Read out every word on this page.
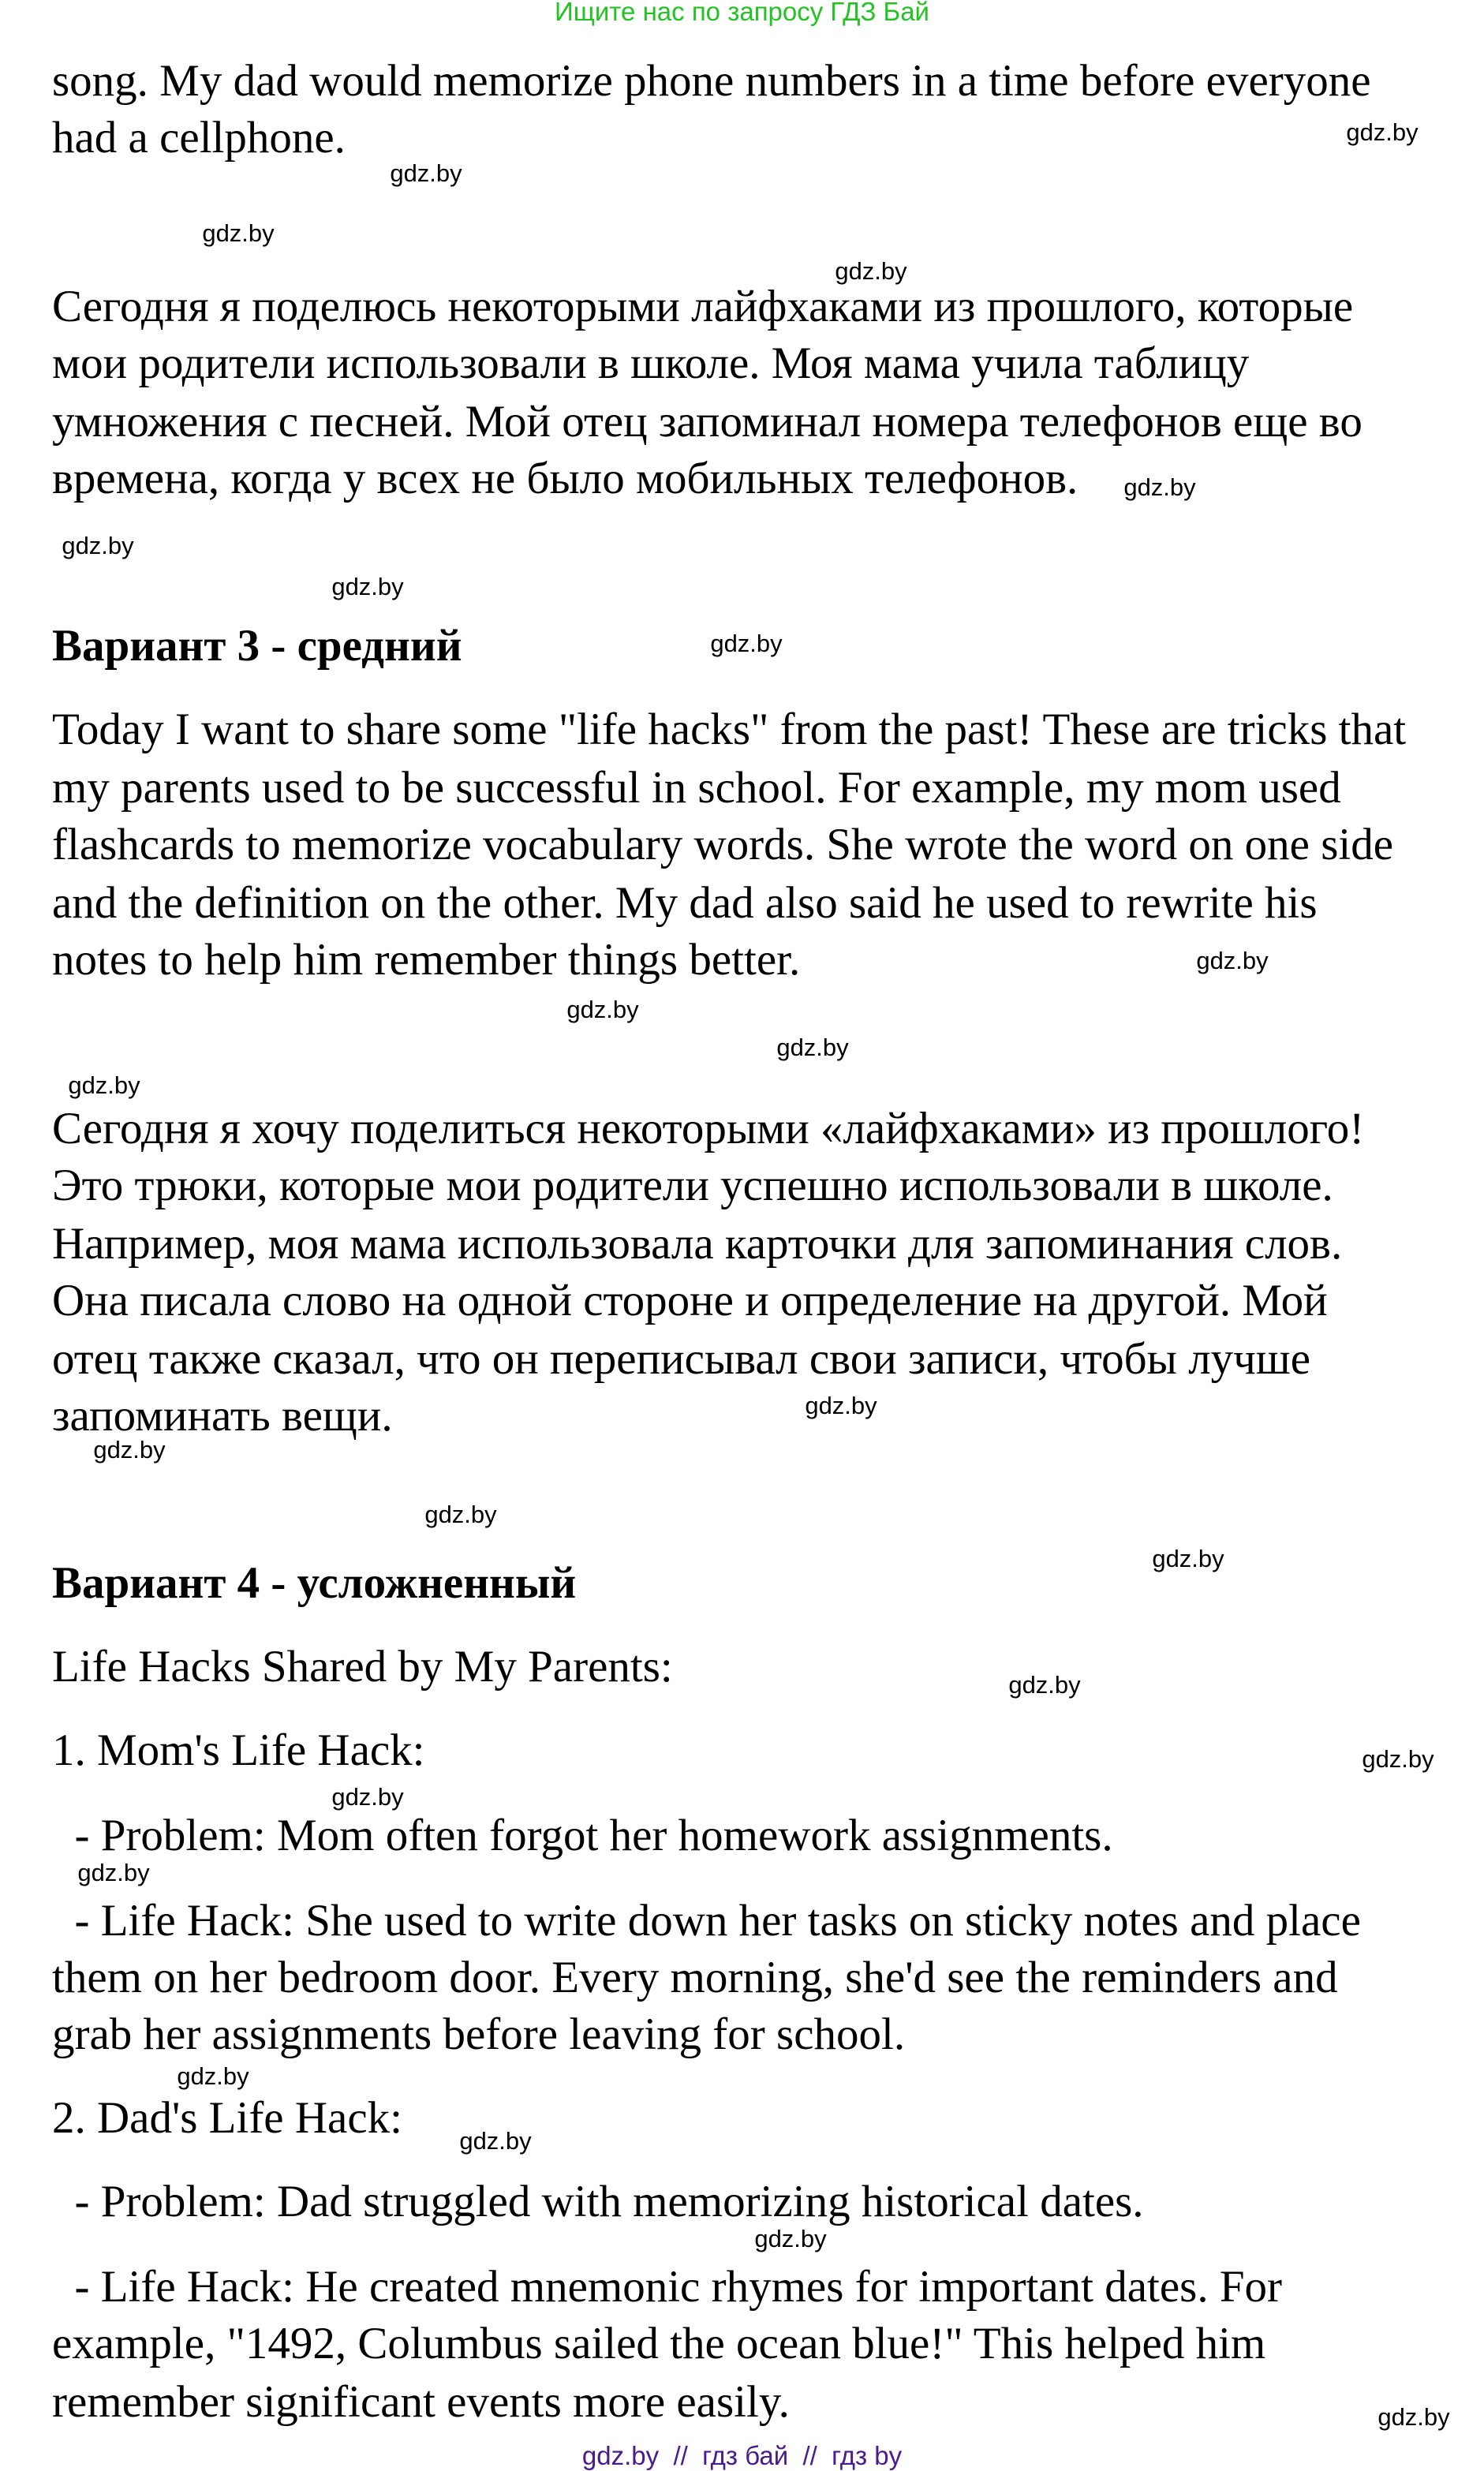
Ищите нас по запросу ГДЗ Бай
song. My dad would memorize phone numbers in a time before everyone
had a cellphone.
Сегодня я поделюсь некоторыми лайфхаками из прошлого, которые
мои родители использовали в школе. Моя мама учила таблицу
умножения с песней. Мой отец запоминал номера телефонов еще во
времена, когда у всех не было мобильных телефонов.
Вариант 3 - средний
Today I want to share some "life hacks" from the past! These are tricks that
my parents used to be successful in school. For example, my mom used
flashcards to memorize vocabulary words. She wrote the word on one side
and the definition on the other. My dad also said he used to rewrite his
notes to help him remember things better.
Сегодня я хочу поделиться некоторыми «лайфхаками» из прошлого!
Это трюки, которые мои родители успешно использовали в школе.
Например, моя мама использовала карточки для запоминания слов.
Она писала слово на одной стороне и определение на другой. Мой
отец также сказал, что он переписывал свои записи, чтобы лучше
запоминать вещи.
Вариант 4 - усложненный
Life Hacks Shared by My Parents:
1. Mom's Life Hack:
- Problem: Mom often forgot her homework assignments.
- Life Hack: She used to write down her tasks on sticky notes and place
them on her bedroom door. Every morning, she'd see the reminders and
grab her assignments before leaving for school.
2. Dad's Life Hack:
- Problem: Dad struggled with memorizing historical dates.
- Life Hack: He created mnemonic rhymes for important dates. For
example, "1492, Columbus sailed the ocean blue!" This helped him
remember significant events more easily.
gdz.by
gdz.by
gdz.by
gdz.by
gdz.by
gdz.by
gdz.by
gdz.by
gdz.by
gdz.by
gdz.by
gdz.by
gdz.by
gdz.by
gdz.by
gdz.by
gdz.by
gdz.by
gdz.by
gdz.by
gdz.by
gdz.by
gdz.by
gdz.by
gdz.by  //  гдз бай  //  гдз by
